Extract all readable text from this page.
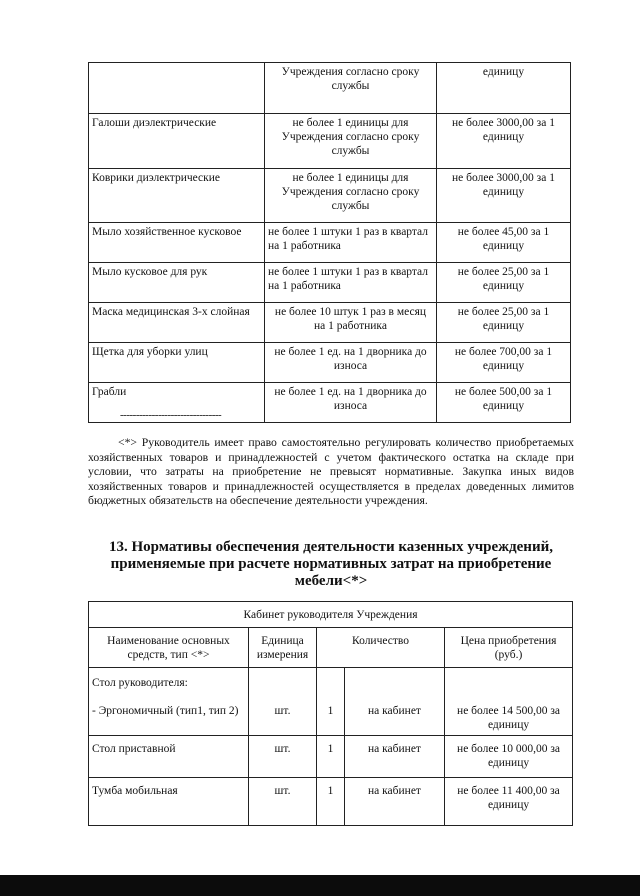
	Учреждения согласно сроку службы	единицу
Галоши диэлектрические	не более 1 единицы для Учреждения согласно сроку службы	не более 3000,00 за 1 единицу
Коврики диэлектрические	не более 1 единицы для Учреждения согласно сроку службы	не более 3000,00 за 1 единицу
Мыло хозяйственное кусковое	не более 1 штуки 1 раз в квартал на 1 работника	не более 45,00 за 1 единицу
Мыло кусковое для рук	не более 1 штуки 1 раз в квартал на 1 работника	не более 25,00 за 1 единицу
Маска медицинская 3-х слойная	не более 10 штук 1 раз в месяц на 1 работника	не более 25,00 за 1 единицу
Щетка для уборки улиц	не более 1 ед. на 1 дворника до износа	не более 700,00 за 1 единицу
Грабли	не более 1 ед. на 1 дворника до износа	не более 500,00 за 1 единицу
--------------------------------

<*> Руководитель имеет право самостоятельно регулировать количество приобретаемых хозяйственных товаров и принадлежностей с учетом фактического остатка на складе при условии, что затраты на приобретение не превысят нормативные. Закупка иных видов хозяйственных товаров и принадлежностей осуществляется в пределах доведенных лимитов бюджетных обязательств на обеспечение деятельности учреждения.

13. Нормативы обеспечения деятельности казенных учреждений, применяемые при расчете нормативных затрат на приобретение мебели<*>

Кабинет руководителя Учреждения				
Наименование основных средств, тип <*>	Единица измерения	Количество		Цена приобретения (руб.)

Стол руководителя:
- Эргономичный (тип1, тип 2)	шт.	1	на кабинет	не более 14 500,00 за единицу
Стол приставной	шт.	1	на кабинет	не более 10 000,00 за единицу
Тумба мобильная	шт.	1	на кабинет	не более 11 400,00 за единицу
